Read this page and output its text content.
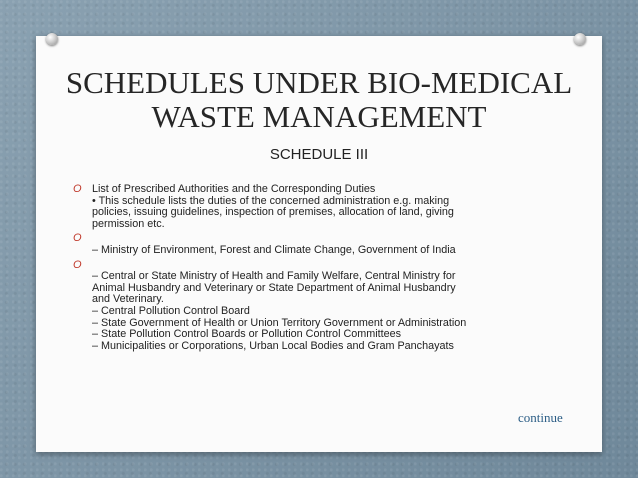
SCHEDULES UNDER BIO-MEDICAL
WASTE MANAGEMENT
SCHEDULE III
O List of Prescribed Authorities and the Corresponding Duties
• This schedule lists the duties of the concerned administration e.g. making
policies, issuing guidelines, inspection of premises, allocation of land, giving
permission etc.
O

– Ministry of Environment, Forest and Climate Change, Government of India
O

– Central or State Ministry of Health and Family Welfare, Central Ministry for
Animal Husbandry and Veterinary or State Department of Animal Husbandry
and Veterinary.
– Central Pollution Control Board
– State Government of Health or Union Territory Government or Administration
– State Pollution Control Boards or Pollution Control Committees
– Municipalities or Corporations, Urban Local Bodies and Gram Panchayats
continue
